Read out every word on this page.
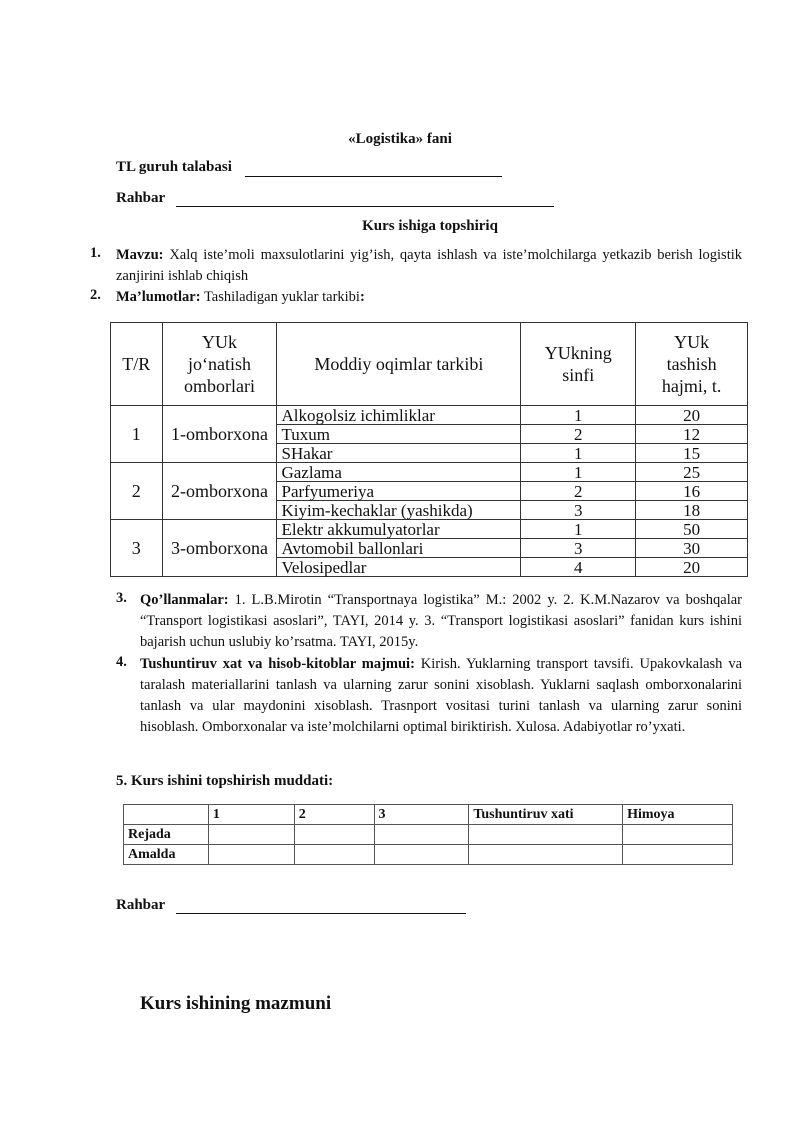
«Logistika» fani
TL guruh talabasi
Rahbar
Kurs ishiga topshiriq
1. Mavzu: Xalq iste’moli maxsulotlarini yig’ish, qayta ishlash va iste’molchilarga yetkazib berish logistik zanjirini ishlab chiqish
2. Ma’lumotlar: Tashiladigan yuklar tarkibi:
T/R	YUk jo‘natish omborlari	Moddiy oqimlar tarkibi	YUkning sinfi	YUk tashish hajmi, t.
1	1-omborxona	Alkogolsiz ichimliklar	1	20
		Tuxum	2	12
		SHakar	1	15
2	2-omborxona	Gazlama	1	25
		Parfyumeriya	2	16
		Kiyim-kechaklar (yashikda)	3	18
3	3-omborxona	Elektr akkumulyatorlar	1	50
		Avtomobil ballonlari	3	30
		Velosipedlar	4	20
3. Qo’llanmalar: 1. L.B.Mirotin “Transportnaya logistika” M.: 2002 y. 2. K.M.Nazarov va boshqalar “Transport logistikasi asoslari”, TAYI, 2014 y. 3. “Transport logistikasi asoslari” fanidan kurs ishini bajarish uchun uslubiy ko’rsatma. TAYI, 2015y.
4. Tushuntiruv xat va hisob-kitoblar majmui: Kirish. Yuklarning transport tavsifi. Upakovkalash va taralash materiallarini tanlash va ularning zarur sonini xisoblash. Yuklarni saqlash omborxonalarini tanlash va ular maydonini xisoblash. Trasnport vositasi turini tanlash va ularning zarur sonini hisoblash. Omborxonalar va iste’molchilarni optimal biriktirish. Xulosa. Adabiyotlar ro’yxati.
5. Kurs ishini topshirish muddati:
	1	2	3	Tushuntiruv xati	Himoya
Rejada					
Amalda					
Rahbar
Kurs ishining mazmuni
